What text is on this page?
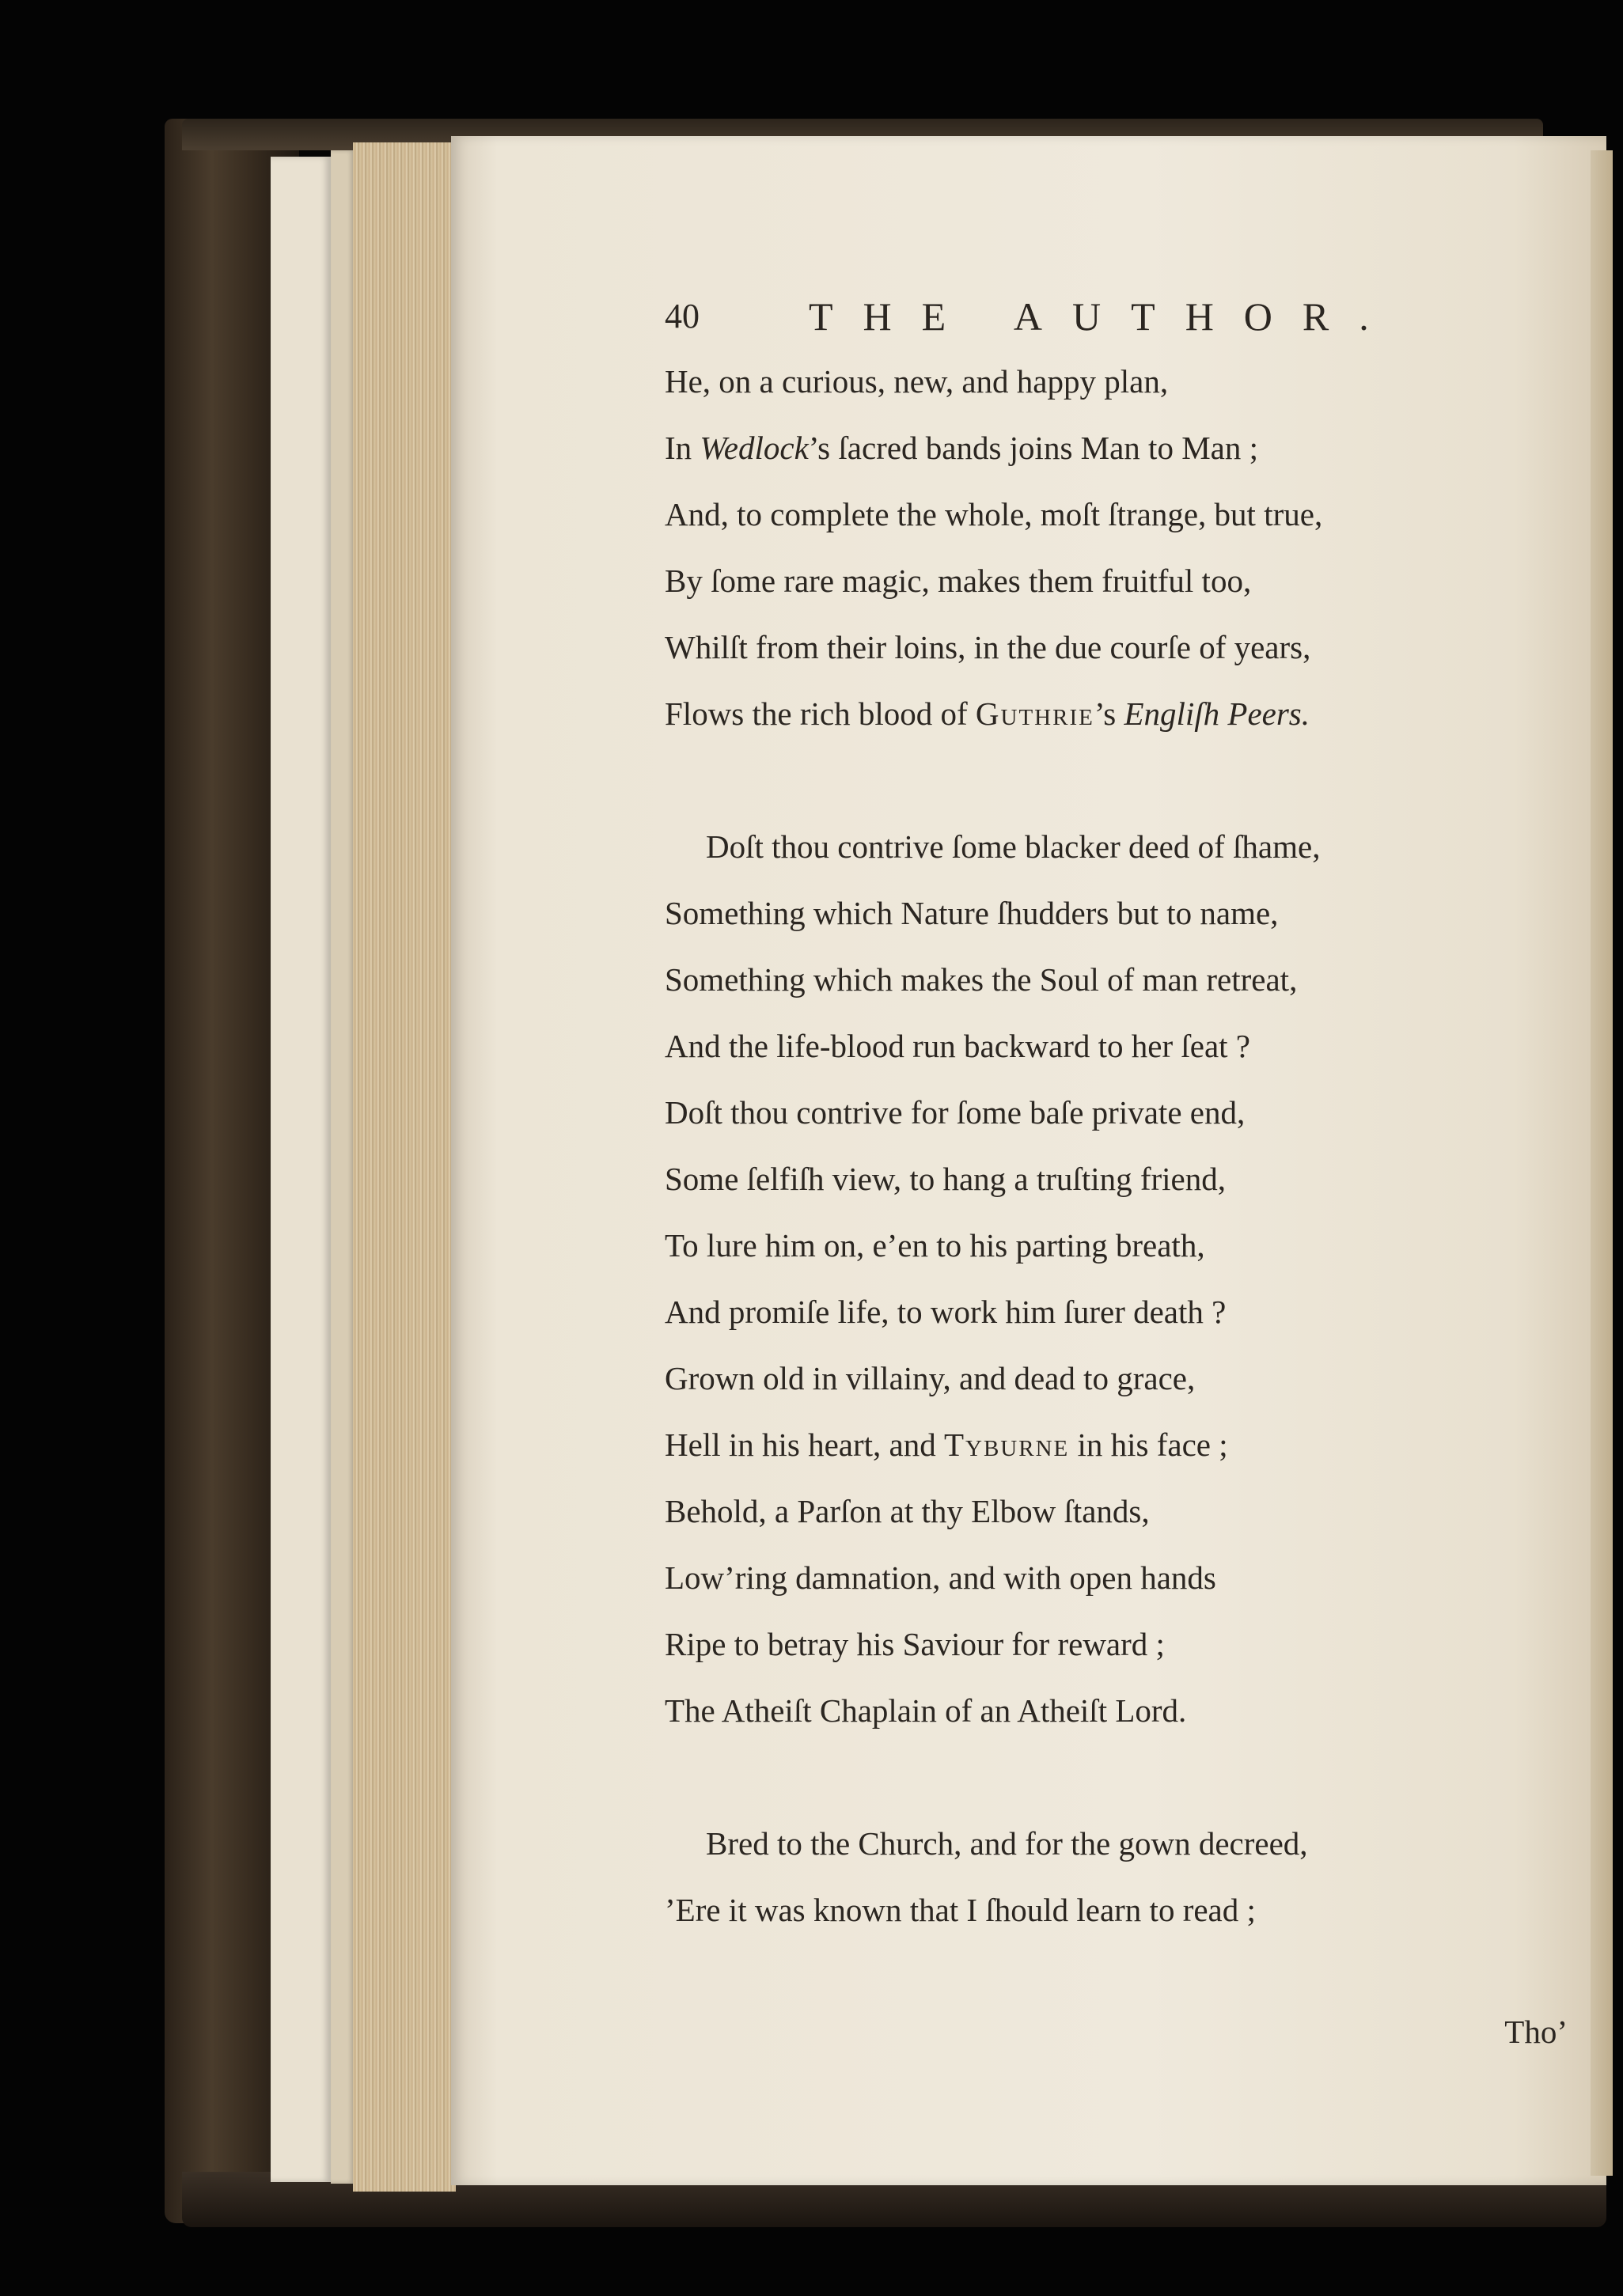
40	THE AUTHOR.
He, on a curious, new, and happy plan,
In Wedlock’s ſacred bands joins Man to Man ;
And, to complete the whole, moſt ſtrange, but true,
By ſome rare magic, makes them fruitful too,
Whilſt from their loins, in the due courſe of years,
Flows the rich blood of Guthrie’s Engliſh Peers.
Doſt thou contrive ſome blacker deed of ſhame,
Something which Nature ſhudders but to name,
Something which makes the Soul of man retreat,
And the life-blood run backward to her ſeat ?
Doſt thou contrive for ſome baſe private end,
Some ſelfiſh view, to hang a truſting friend,
To lure him on, e’en to his parting breath,
And promiſe life, to work him ſurer death ?
Grown old in villainy, and dead to grace,
Hell in his heart, and Tyburne in his face ;
Behold, a Parſon at thy Elbow ſtands,
Low’ring damnation, and with open hands
Ripe to betray his Saviour for reward ;
The Atheiſt Chaplain of an Atheiſt Lord.
Bred to the Church, and for the gown decreed,
’Ere it was known that I ſhould learn to read ;
Tho’
